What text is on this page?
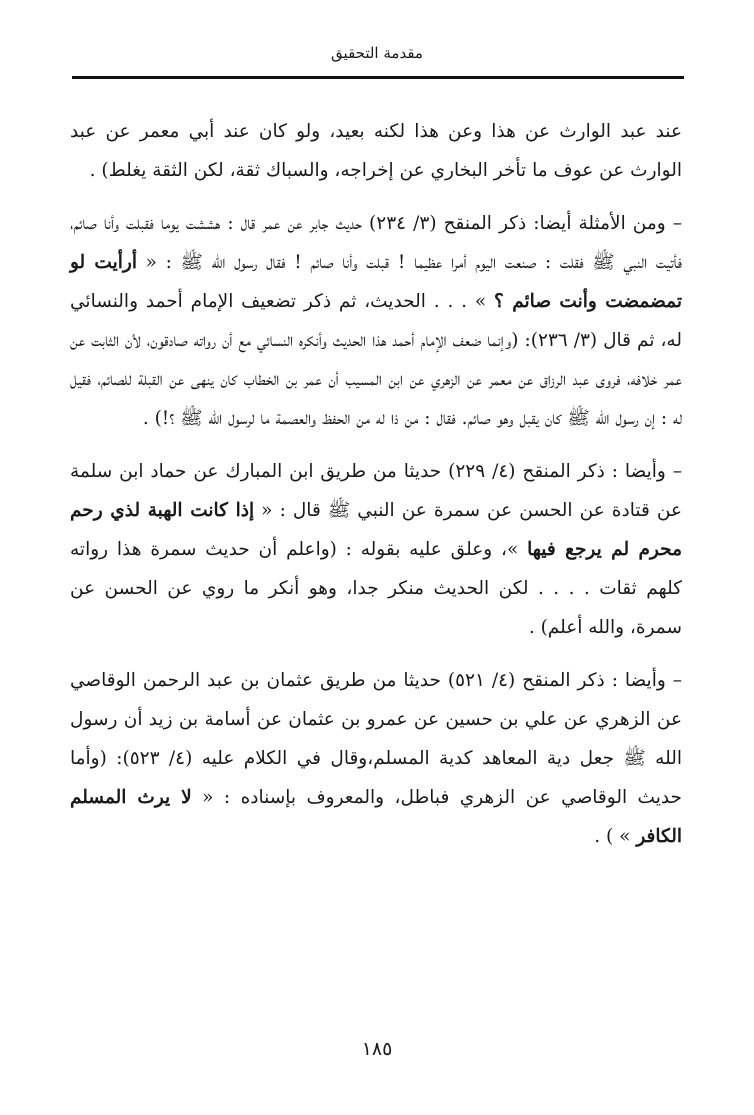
مقدمة التحقيق

عند عبد الوارث عن هذا وعن هذا لكنه بعيد، ولو كان عند أبي معمر عن عبد الوارث عن عوف ما تأخر البخاري عن إخراجه، والسباك ثقة، لكن الثقة يغلط) .

– ومن الأمثلة أيضا: ذكر المنقح (٣/ ٢٣٤) حديث جابر عن عمر قال : هششت يوما فقبلت وأنا صائم، فأتيت النبي ﷺ فقلت : صنعت اليوم أمرا عظيما ! قبلت وأنا صائم ! فقال رسول الله ﷺ : « أرأيت لو تمضمضت وأنت صائم ؟ » . . . الحديث، ثم ذكر تضعيف الإمام أحمد والنسائي له، ثم قال (٣/ ٢٣٦): (وإنما ضعف الإمام أحمد هذا الحديث وأنكره النسائي مع أن رواته صادقون، لأن الثابت عن عمر خلافه، فروى عبد الرزاق عن معمر عن الزهري عن ابن المسيب أن عمر بن الخطاب كان ينهى عن القبلة للصائم، فقيل له : إن رسول الله ﷺ كان يقبل وهو صائم. فقال : من ذا له من الحفظ والعصمة ما لرسول الله ﷺ ؟!) .

– وأيضا : ذكر المنقح (٤/ ٢٢٩) حديثا من طريق ابن المبارك عن حماد ابن سلمة عن قتادة عن الحسن عن سمرة عن النبي ﷺ قال : « إذا كانت الهبة لذي رحم محرم لم يرجع فيها »، وعلق عليه بقوله : (واعلم أن حديث سمرة هذا رواته كلهم ثقات . . . . لكن الحديث منكر جدا، وهو أنكر ما روي عن الحسن عن سمرة، والله أعلم) .

– وأيضا : ذكر المنقح (٤/ ٥٢١) حديثا من طريق عثمان بن عبد الرحمن الوقاصي عن الزهري عن علي بن حسين عن عمرو بن عثمان عن أسامة بن زيد أن رسول الله ﷺ جعل دية المعاهد كدية المسلم،وقال في الكلام عليه (٤/ ٥٢٣): (وأما حديث الوقاصي عن الزهري فباطل، والمعروف بإسناده : « لا يرث المسلم الكافر » ) .

١٨٥
